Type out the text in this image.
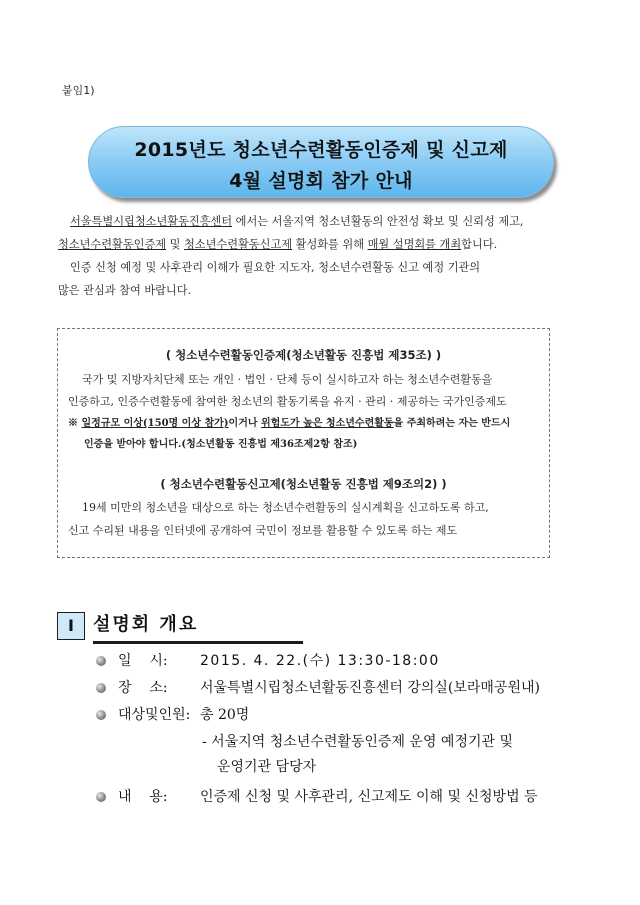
붙임1)
2015년도 청소년수련활동인증제 및 신고제
4월 설명회 참가 안내

서울특별시립청소년활동진흥센터 에서는 서울지역 청소년활동의 안전성 확보 및 신뢰성 제고,

청소년수련활동인증제 및 청소년수련활동신고제 활성화를 위해 매월 설명회를 개최합니다.

인증 신청 예정 및 사후관리 이해가 필요한 지도자, 청소년수련활동 신고 예정 기관의

많은 관심과 참여 바랍니다.

( 청소년수련활동인증제(청소년활동 진흥법 제35조) )
국가 및 지방자치단체 또는 개인 · 법인 · 단체 등이 실시하고자 하는 청소년수련활동을
인증하고, 인증수련활동에 참여한 청소년의 활동기록을 유지 · 관리 · 제공하는 국가인증제도
※ 일정규모 이상(150명 이상 참가)이거나 위험도가 높은 청소년수련활동을 주최하려는 자는 반드시
인증을 받아야 합니다.(청소년활동 진흥법 제36조제2항 참조)
( 청소년수련활동신고제(청소년활동 진흥법 제9조의2) )
19세 미만의 청소년을 대상으로 하는 청소년수련활동의 실시계획을 신고하도록 하고,
신고 수리된 내용을 인터넷에 공개하여 국민이 정보를 활용할 수 있도록 하는 제도
Ⅰ	설명회 개요
일    시: 2015. 4. 22.(수) 13:30-18:00
장    소: 서울특별시립청소년활동진흥센터 강의실(보라매공원내)
대상및인원: 총 20명
- 서울지역 청소년수련활동인증제 운영 예정기관 및
운영기관 담당자
내    용: 인증제 신청 및 사후관리, 신고제도 이해 및 신청방법 등
